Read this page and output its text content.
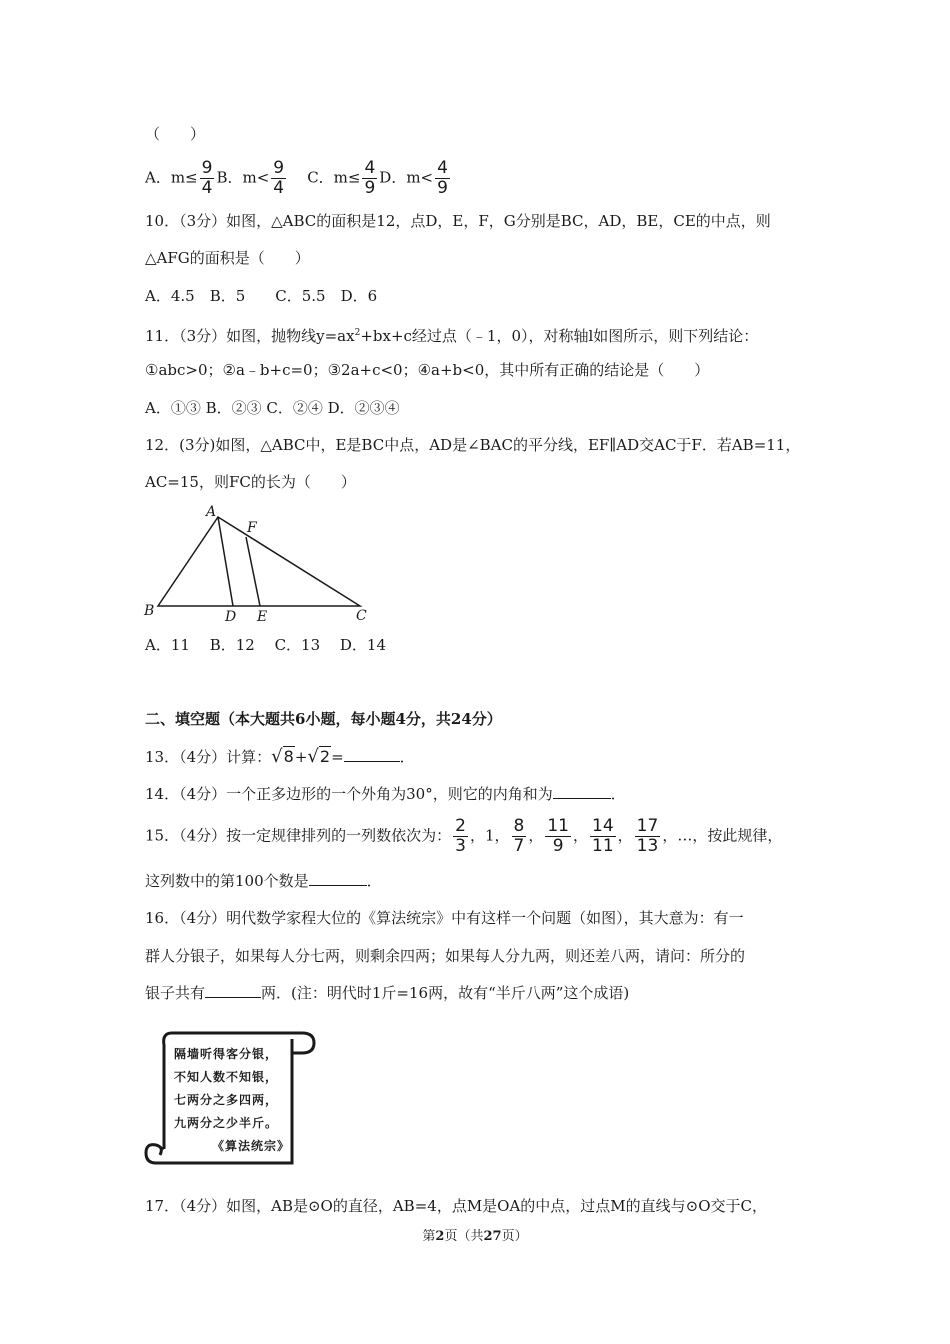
（　　）
A．$m\le \frac{9}{4}$ B．$m< \frac{9}{4}$ C．$m\le \frac{4}{9}$ D．$m< \frac{4}{9}$
10．（3分）如图，△ABC的面积是12，点D，E，F，G分别是BC，AD，BE，CE的中点，则
△AFG的面积是（　　）
A．4.5　B．5　　C．5.5　D．6
11．（3分）如图，抛物线$y=ax^2+bx+c$经过点（﹣1，0），对称轴l如图所示，则下列结论：
①abc>0；②a﹣b+c=0；③2a+c<0；④a+b<0，其中所有正确的结论是（　　）
A．①③ B．②③ C．②④ D．②③④
12．(3分)如图，△ABC中，E是BC中点，AD是∠BAC的平分线，EF∥AD交AC于F．若AB=11，
AC=15，则FC的长为（　　）
A
B	C
D E
F
A．11　 B．12　 C．13　 D．14
二、填空题（本大题共6小题，每小题4分，共24分）
13．（4分）计算：√8+√2=	．
14．（4分）一个正多边形的一个外角为30°，则它的内角和为	．
15．（4分）按一定规律排列的一列数依次为： $\frac{2}{3}$ ，1， $\frac{8}{7}$ ， $\frac{11}{9}$ ， $\frac{14}{11}$ ， $\frac{17}{13}$ ，…，按此规律，
这列数中的第100个数是	．
16．（4分）明代数学家程大位的《算法统宗》中有这样一个问题（如图），其大意为：有一
群人分银子，如果每人分七两，则剩余四两；如果每人分九两，则还差八两，请问：所分的
银子共有	两．(注：明代时1斤=16两，故有“半斤八两”这个成语)
隔墙听得客分银，
不知人数不知银，
七两分之多四两，
九两分之少半斤。
《算法统宗》
17．（4分）如图，AB是⊙O的直径，AB=4，点M是OA的中点，过点M的直线与⊙O交于C，
第2页（共27页）
